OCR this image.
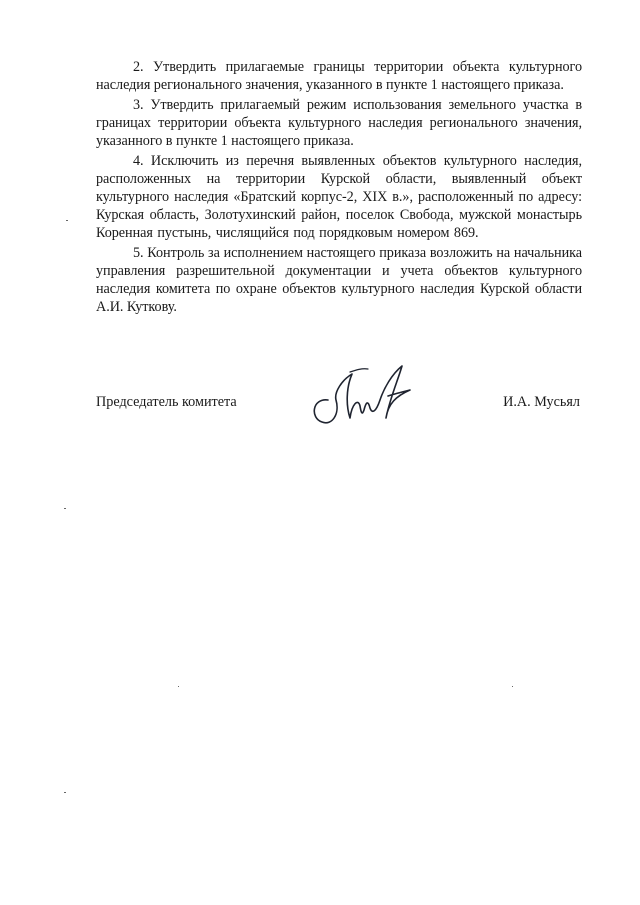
2. Утвердить прилагаемые границы территории объекта культурного наследия регионального значения, указанного в пункте 1 настоящего приказа.

3. Утвердить прилагаемый режим использования земельного участка в границах территории объекта культурного наследия регионального значения, указанного в пункте 1 настоящего приказа.

4. Исключить из перечня выявленных объектов культурного наследия, расположенных на территории Курской области, выявленный объект культурного наследия «Братский корпус-2, XIX в.», расположенный по адресу: Курская область, Золотухинский район, поселок Свобода, мужской монастырь Коренная пустынь, числящийся под порядковым номером 869.

5. Контроль за исполнением настоящего приказа возложить на начальника управления разрешительной документации и учета объектов культурного наследия комитета по охране объектов культурного наследия Курской области А.И. Куткову.

Председатель комитета	И.А. Мусьял
